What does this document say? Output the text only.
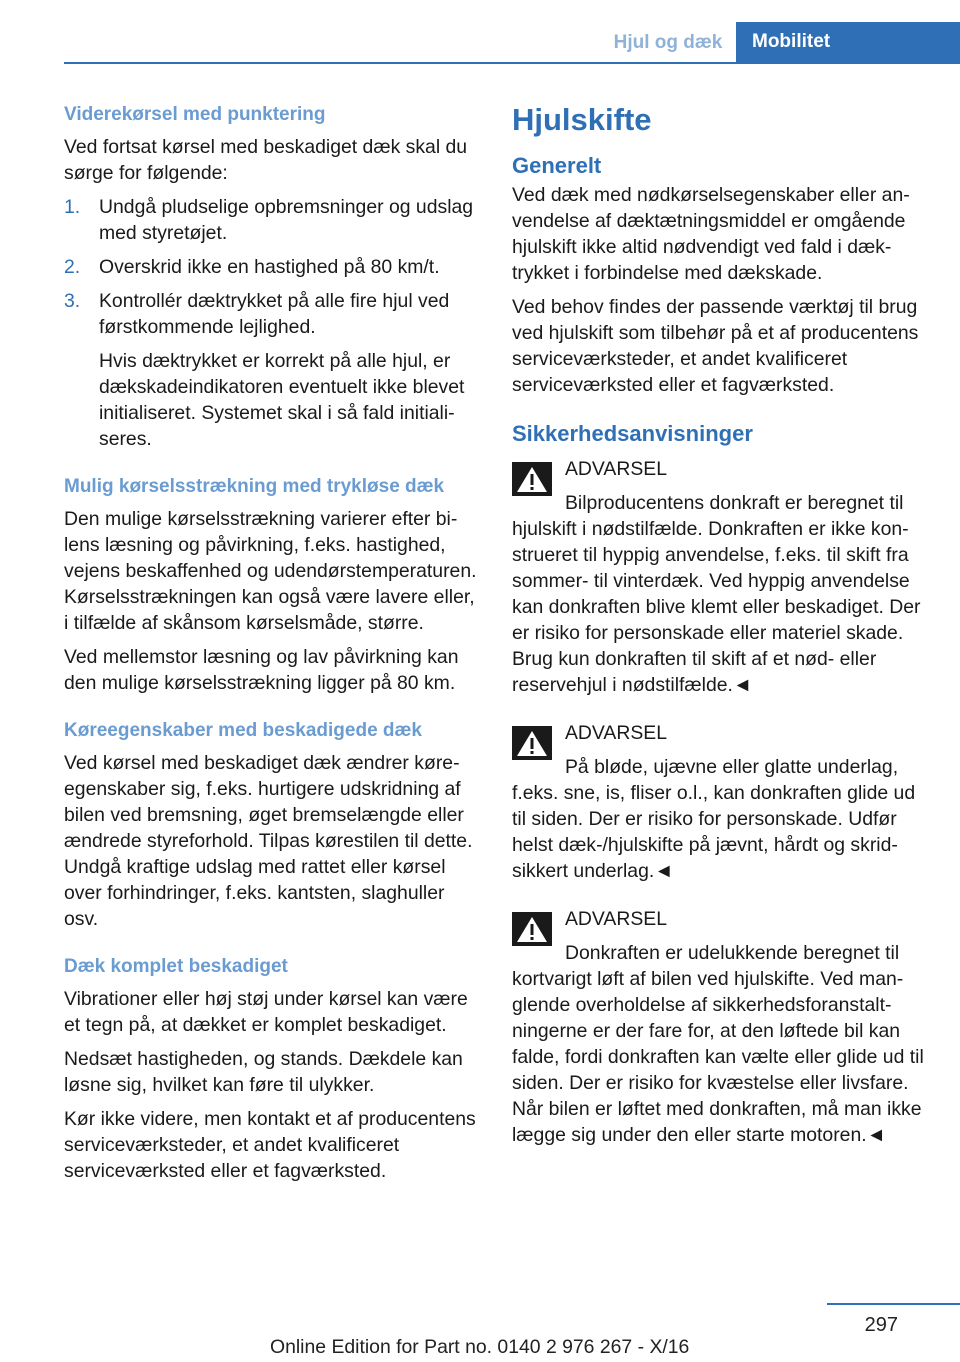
Hjul og dæk	Mobilitet
Viderekørsel med punktering

Ved fortsat kørsel med beskadiget dæk skal du sørge for følgende:

1. Undgå pludselige opbremsninger og udslag med styretøjet.
2. Overskrid ikke en hastighed på 80 km/t.
3. Kontrollér dæktrykket på alle fire hjul ved førstkommende lejlighed.

Hvis dæktrykket er korrekt på alle hjul, er dækskadeindikatoren eventuelt ikke blevet initialiseret. Systemet skal i så fald initialiseres.

Mulig kørselsstrækning med trykløse dæk

Den mulige kørselsstrækning varierer efter bilens læsning og påvirkning, f.eks. hastighed, vejens beskaffenhed og udendørstemperaturen. Kørselsstrækningen kan også være lavere eller, i tilfælde af skånsom kørselsmåde, større.

Ved mellemstor læsning og lav påvirkning kan den mulige kørselsstrækning ligger på 80 km.

Køreegenskaber med beskadigede dæk

Ved kørsel med beskadiget dæk ændrer køreegenskaber sig, f.eks. hurtigere udskridning af bilen ved bremsning, øget bremselængde eller ændrede styreforhold. Tilpas kørestilen til dette. Undgå kraftige udslag med rattet eller kørsel over forhindringer, f.eks. kantsten, slaghuller osv.

Dæk komplet beskadiget

Vibrationer eller høj støj under kørsel kan være et tegn på, at dækket er komplet beskadiget.

Nedsæt hastigheden, og stands. Dækdele kan løsne sig, hvilket kan føre til ulykker.

Kør ikke videre, men kontakt et af producentens serviceværksteder, et andet kvalificeret serviceværksted eller et fagværksted.

Hjulskifte
Generelt

Ved dæk med nødkørselsegenskaber eller anvendelse af dæktætningsmiddel er omgående hjulskift ikke altid nødvendigt ved fald i dæktrykket i forbindelse med dækskade.

Ved behov findes der passende værktøj til brug ved hjulskift som tilbehør på et af producentens serviceværksteder, et andet kvalificeret serviceværksted eller et fagværksted.

Sikkerhedsanvisninger
ADVARSEL

Bilproducentens donkraft er beregnet til hjulskift i nødstilfælde. Donkraften er ikke konstrueret til hyppig anvendelse, f.eks. til skift fra sommer- til vinterdæk. Ved hyppig anvendelse kan donkraften blive klemt eller beskadiget. Der er risiko for personskade eller materiel skade. Brug kun donkraften til skift af et nød- eller reservehjul i nødstilfælde.◄

ADVARSEL

På bløde, ujævne eller glatte underlag, f.eks. sne, is, fliser o.l., kan donkraften glide ud til siden. Der er risiko for personskade. Udfør helst dæk-/hjulskifte på jævnt, hårdt og skridsikkert underlag.◄

ADVARSEL

Donkraften er udelukkende beregnet til kortvarigt løft af bilen ved hjulskifte. Ved manglende overholdelse af sikkerhedsforanstaltningerne er der fare for, at den løftede bil kan falde, fordi donkraften kan vælte eller glide ud til siden. Der er risiko for kvæstelse eller livsfare. Når bilen er løftet med donkraften, må man ikke lægge sig under den eller starte motoren.◄

297
Online Edition for Part no. 0140 2 976 267 - X/16
